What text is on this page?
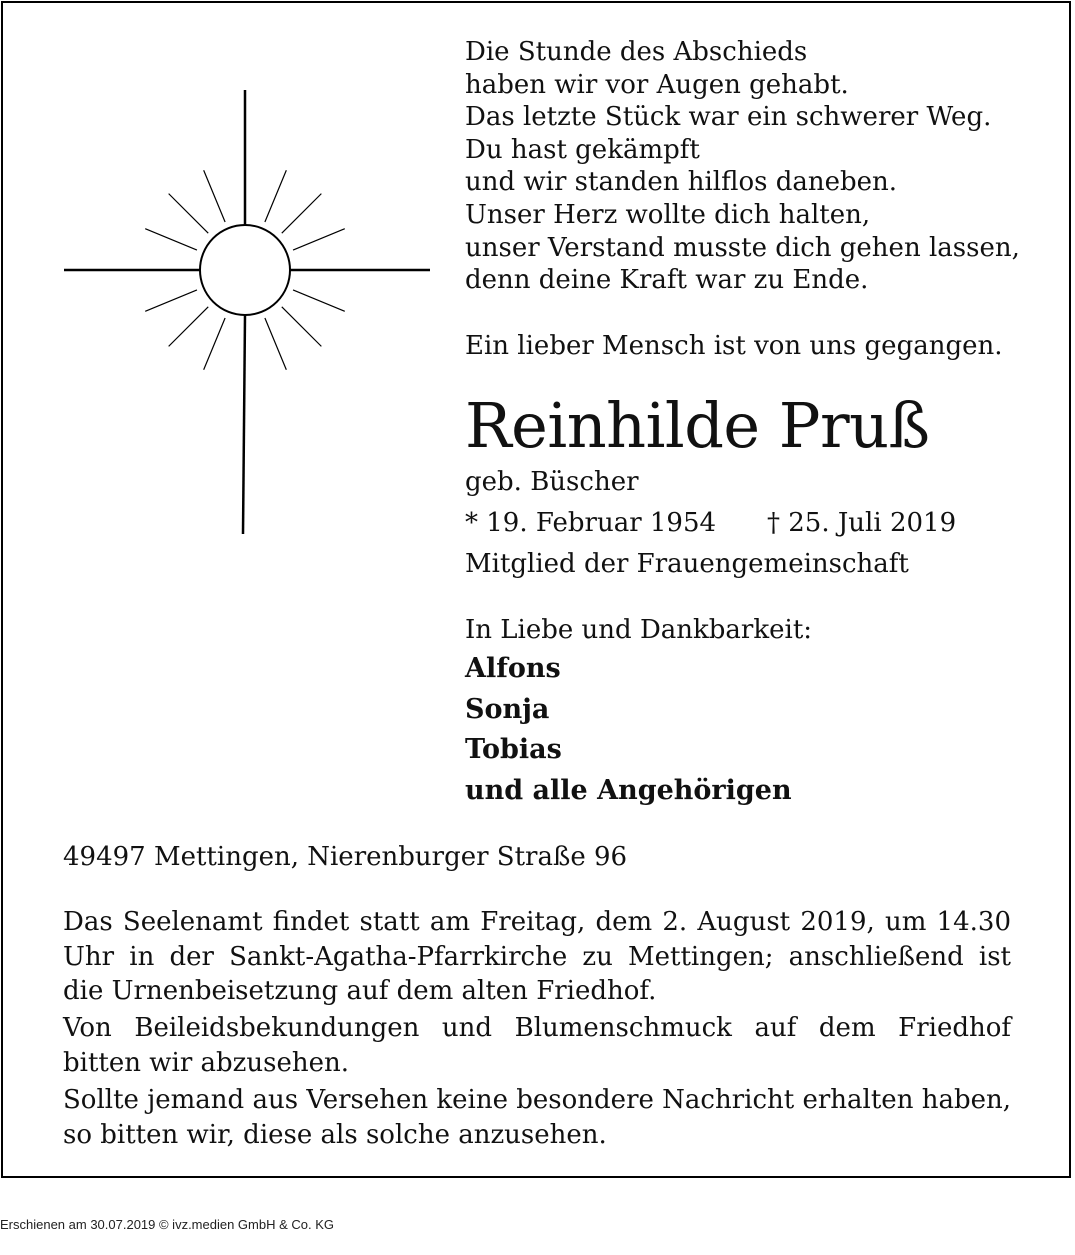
Die Stunde des Abschieds
haben wir vor Augen gehabt.
Das letzte Stück war ein schwerer Weg.
Du hast gekämpft
und wir standen hilflos daneben.
Unser Herz wollte dich halten,
unser Verstand musste dich gehen lassen,
denn deine Kraft war zu Ende.
Ein lieber Mensch ist von uns gegangen.
Reinhilde Pruß
geb. Büscher
* 19. Februar 1954 † 25. Juli 2019
Mitglied der Frauengemeinschaft
In Liebe und Dankbarkeit:
Alfons
Sonja
Tobias
und alle Angehörigen
49497 Mettingen, Nierenburger Straße 96
Das Seelenamt findet statt am Freitag, dem 2. August 2019, um 14.30 Uhr in der Sankt-Agatha-Pfarrkirche zu Mettingen; anschließend ist die Urnenbeisetzung auf dem alten Friedhof.
Von Beileidsbekundungen und Blumenschmuck auf dem Friedhof bitten wir abzusehen.
Sollte jemand aus Versehen keine besondere Nachricht erhalten haben, so bitten wir, diese als solche anzusehen.
Erschienen am 30.07.2019 © ivz.medien GmbH & Co. KG
